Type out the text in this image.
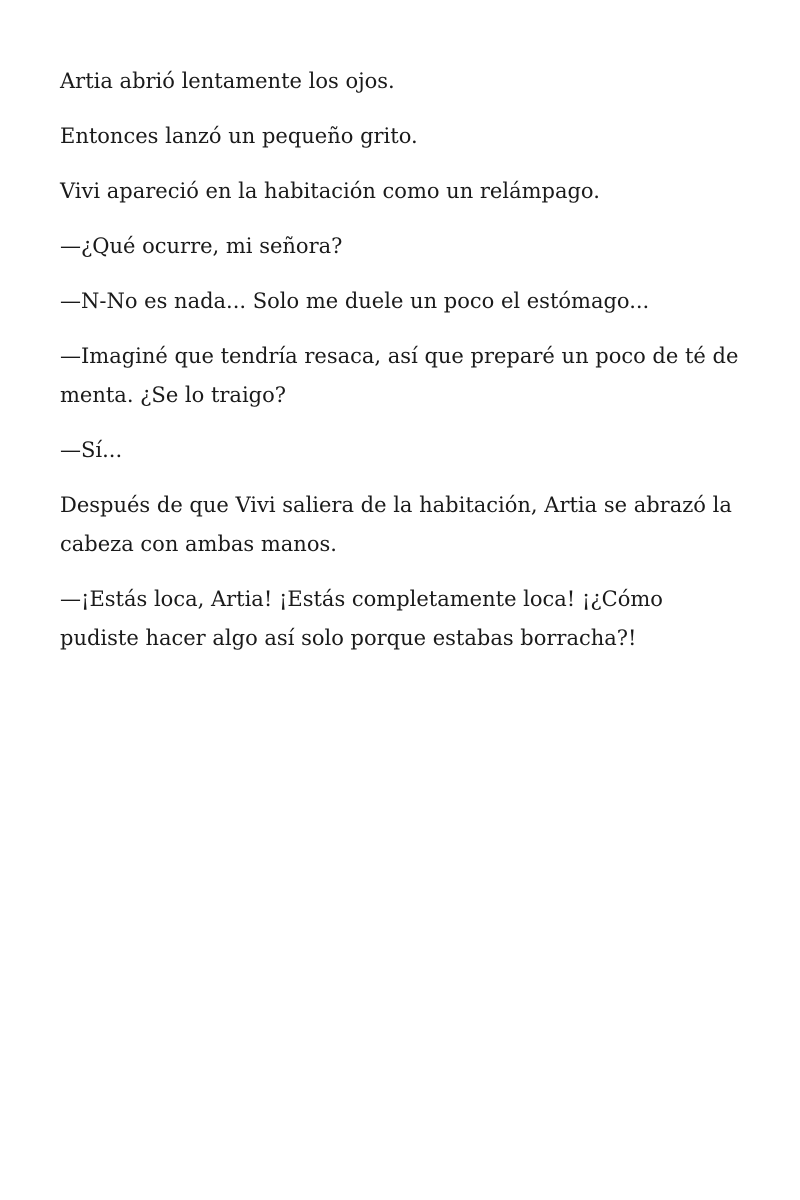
Artia abrió lentamente los ojos.

Entonces lanzó un pequeño grito.

Vivi apareció en la habitación como un relámpago.

—¿Qué ocurre, mi señora?

—N-No es nada... Solo me duele un poco el estómago...

—Imaginé que tendría resaca, así que preparé un poco de té de menta. ¿Se lo traigo?

—Sí...

Después de que Vivi saliera de la habitación, Artia se abrazó la cabeza con ambas manos.

—¡Estás loca, Artia! ¡Estás completamente loca! ¡¿Cómo pudiste hacer algo así solo porque estabas borracha?!
